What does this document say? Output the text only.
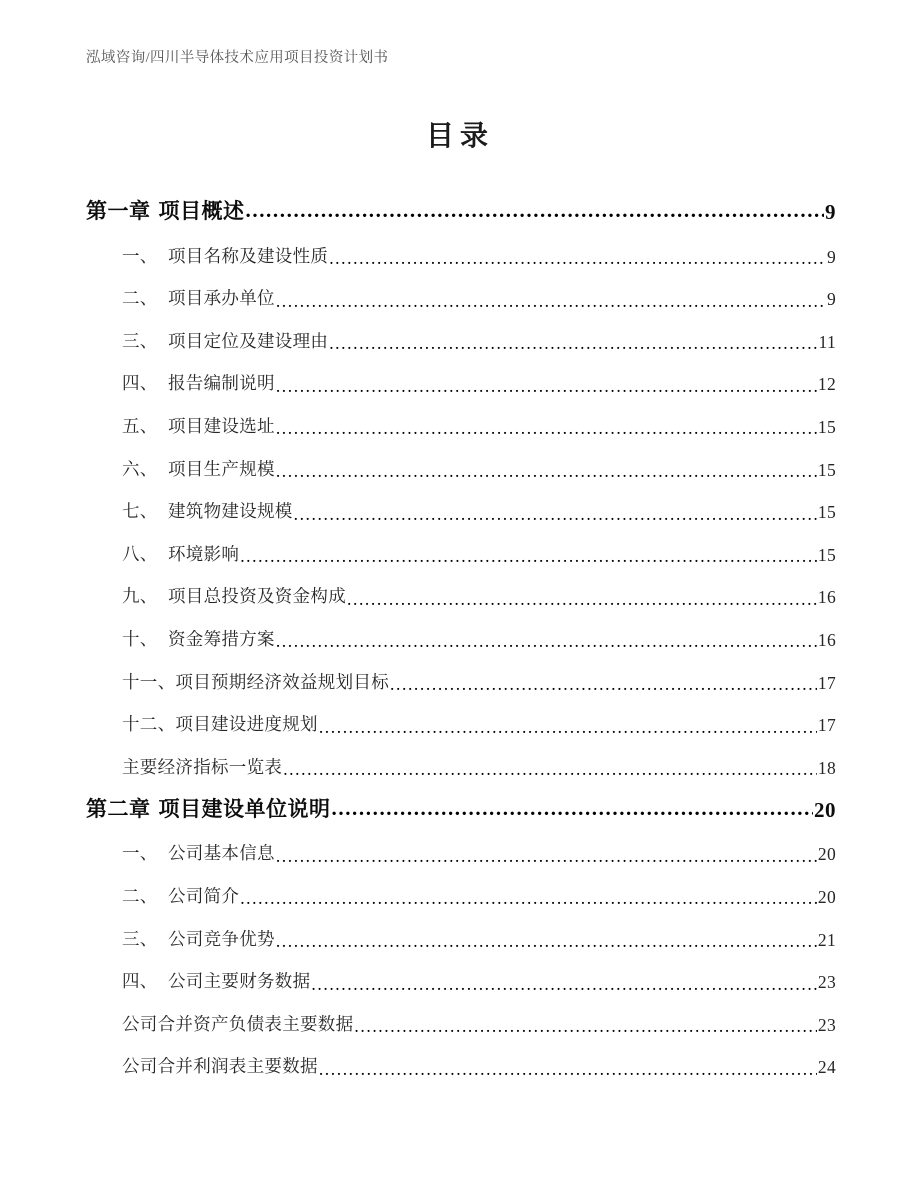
泓域咨询/四川半导体技术应用项目投资计划书
目录
第一章 项目概述 .....	9
一、 项目名称及建设性质 .....	9
二、 项目承办单位 .....	9
三、 项目定位及建设理由 .....	11
四、 报告编制说明 .....	12
五、 项目建设选址 .....	15
六、 项目生产规模 .....	15
七、 建筑物建设规模 .....	15
八、 环境影响 .....	15
九、 项目总投资及资金构成 .....	16
十、 资金筹措方案 .....	16
十一、 项目预期经济效益规划目标 .....	17
十二、 项目建设进度规划 .....	17
主要经济指标一览表 .....	18
第二章 项目建设单位说明 .....	20
一、 公司基本信息 .....	20
二、 公司简介 .....	20
三、 公司竞争优势 .....	21
四、 公司主要财务数据 .....	23
公司合并资产负债表主要数据 .....	23
公司合并利润表主要数据 .....	24
